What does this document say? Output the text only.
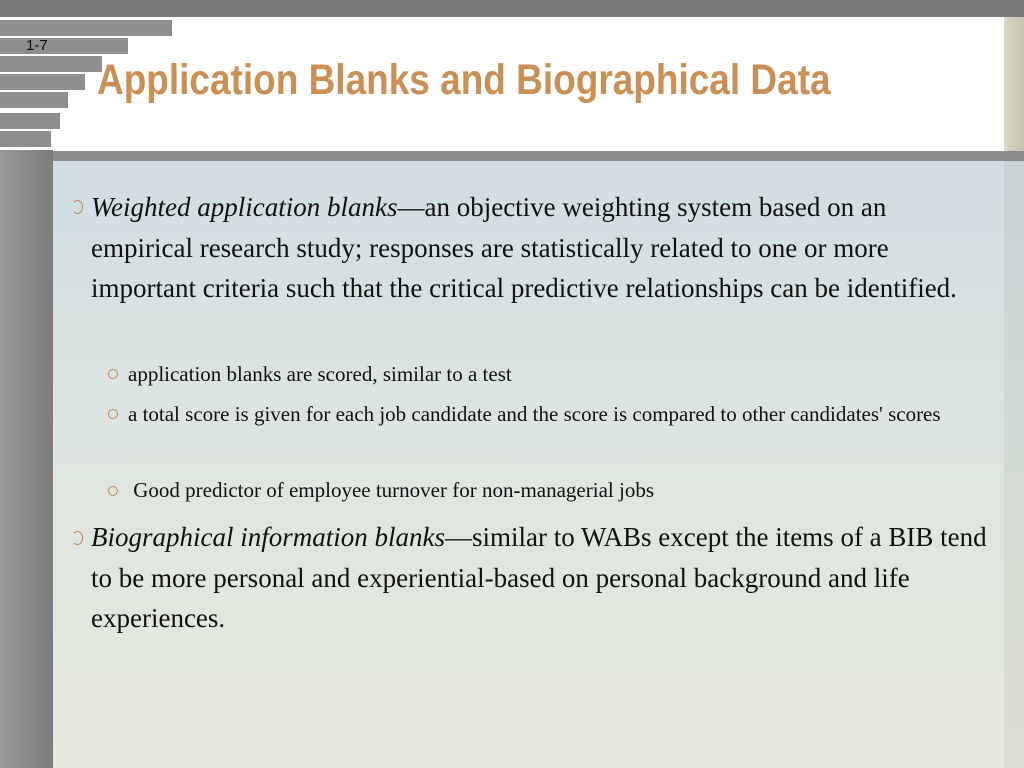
1-7
Application Blanks and Biographical Data
Weighted application blanks—an objective weighting system based on an empirical research study; responses are statistically related to one or more important criteria such that the critical predictive relationships can be identified.
application blanks are scored, similar to a test
a total score is given for each job candidate and the score is compared to other candidates' scores
Good predictor of employee turnover for non-managerial jobs
Biographical information blanks—similar to WABs except the items of a BIB tend to be more personal and experiential-based on personal background and life experiences.
